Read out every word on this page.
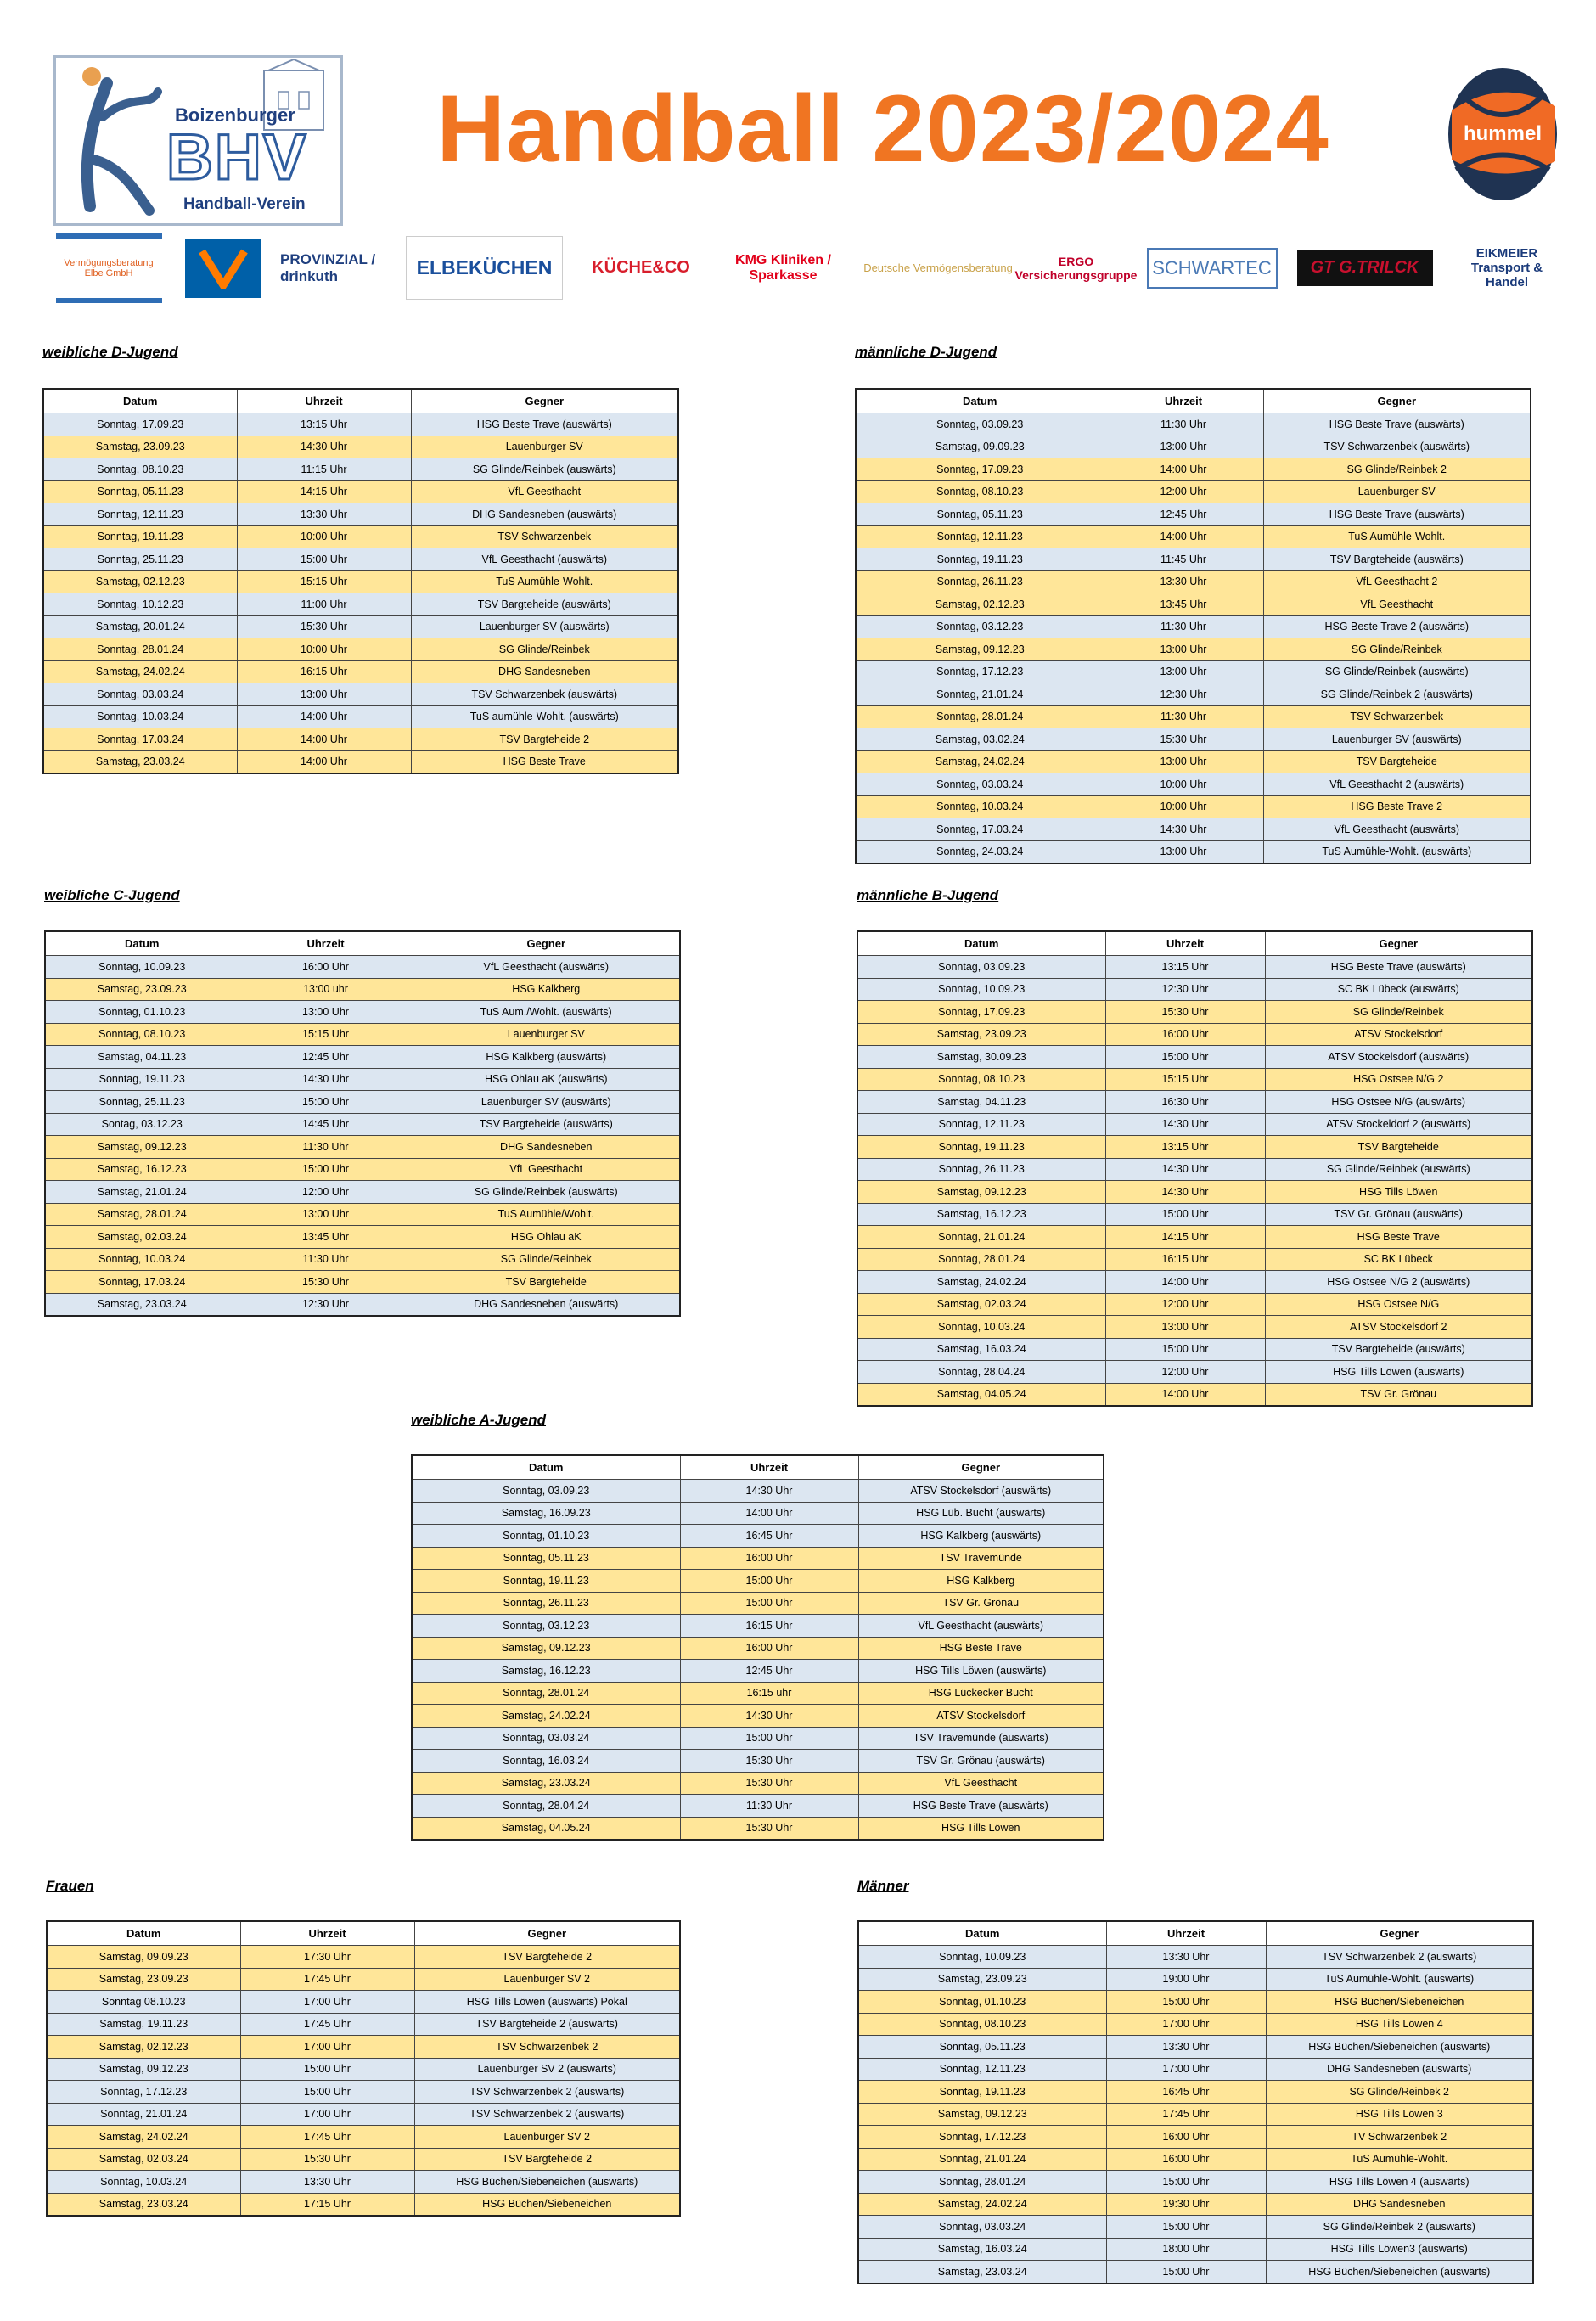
Boizenburger
BHV
Handball-Verein
Handball 2023/2024	hummel
Vermögungsberatung Elbe GmbH
PROVINZIAL / drinkuth	ELBEKÜCHEN KÜCHE&CO	KMG Kliniken / Sparkasse	Deutsche Vermögensberatung	ERGO Versicherungsgruppe SCHWARTEC	GT G.TRILCK
EIKMEIER Transport & Handel
weibliche D-Jugend
Datum	Uhrzeit	Gegner
Sonntag, 17.09.23	13:15 Uhr	HSG Beste Trave (auswärts)
Samstag, 23.09.23	14:30 Uhr	Lauenburger SV
Sonntag, 08.10.23	11:15 Uhr	SG Glinde/Reinbek (auswärts)
Sonntag, 05.11.23	14:15 Uhr	VfL Geesthacht
Sonntag, 12.11.23	13:30 Uhr	DHG Sandesneben (auswärts)
Sonntag, 19.11.23	10:00 Uhr	TSV Schwarzenbek
Sonntag, 25.11.23	15:00 Uhr	VfL Geesthacht (auswärts)
Samstag, 02.12.23	15:15 Uhr	TuS Aumühle-Wohlt.
Sonntag, 10.12.23	11:00 Uhr	TSV Bargteheide (auswärts)
Samstag, 20.01.24	15:30 Uhr	Lauenburger SV (auswärts)
Sonntag, 28.01.24	10:00 Uhr	SG Glinde/Reinbek
Samstag, 24.02.24	16:15 Uhr	DHG Sandesneben
Sonntag, 03.03.24	13:00 Uhr	TSV Schwarzenbek (auswärts)
Sonntag, 10.03.24	14:00 Uhr	TuS aumühle-Wohlt. (auswärts)
Sonntag, 17.03.24	14:00 Uhr	TSV Bargteheide 2
Samstag, 23.03.24	14:00 Uhr	HSG Beste Trave
männliche D-Jugend
Datum	Uhrzeit	Gegner
Sonntag, 03.09.23	11:30 Uhr	HSG Beste Trave (auswärts)
Samstag, 09.09.23	13:00 Uhr	TSV Schwarzenbek (auswärts)
Sonntag, 17.09.23	14:00 Uhr	SG Glinde/Reinbek 2
Sonntag, 08.10.23	12:00 Uhr	Lauenburger SV
Sonntag, 05.11.23	12:45 Uhr	HSG Beste Trave (auswärts)
Sonntag, 12.11.23	14:00 Uhr	TuS Aumühle-Wohlt.
Sonntag, 19.11.23	11:45 Uhr	TSV Bargteheide (auswärts)
Sonntag, 26.11.23	13:30 Uhr	VfL Geesthacht 2
Samstag, 02.12.23	13:45 Uhr	VfL Geesthacht
Sonntag, 03.12.23	11:30 Uhr	HSG Beste Trave 2 (auswärts)
Samstag, 09.12.23	13:00 Uhr	SG Glinde/Reinbek
Sonntag, 17.12.23	13:00 Uhr	SG Glinde/Reinbek (auswärts)
Sonntag, 21.01.24	12:30 Uhr	SG Glinde/Reinbek 2 (auswärts)
Sonntag, 28.01.24	11:30 Uhr	TSV Schwarzenbek
Samstag, 03.02.24	15:30 Uhr	Lauenburger SV (auswärts)
Samstag, 24.02.24	13:00 Uhr	TSV Bargteheide
Sonntag, 03.03.24	10:00 Uhr	VfL Geesthacht 2 (auswärts)
Sonntag, 10.03.24	10:00 Uhr	HSG Beste Trave 2
Sonntag, 17.03.24	14:30 Uhr	VfL Geesthacht (auswärts)
Sonntag, 24.03.24	13:00 Uhr	TuS Aumühle-Wohlt. (auswärts)
weibliche C-Jugend
Datum	Uhrzeit	Gegner
Sonntag, 10.09.23	16:00 Uhr	VfL Geesthacht (auswärts)
Samstag, 23.09.23	13:00 uhr	HSG Kalkberg
Sonntag, 01.10.23	13:00 Uhr	TuS Aum./Wohlt. (auswärts)
Sonntag, 08.10.23	15:15 Uhr	Lauenburger SV
Samstag, 04.11.23	12:45 Uhr	HSG Kalkberg (auswärts)
Sonntag, 19.11.23	14:30 Uhr	HSG Ohlau aK (auswärts)
Sonntag, 25.11.23	15:00 Uhr	Lauenburger SV (auswärts)
Sontag, 03.12.23	14:45 Uhr	TSV Bargteheide (auswärts)
Samstag, 09.12.23	11:30 Uhr	DHG Sandesneben
Samstag, 16.12.23	15:00 Uhr	VfL Geesthacht
Samstag, 21.01.24	12:00 Uhr	SG Glinde/Reinbek (auswärts)
Samstag, 28.01.24	13:00 Uhr	TuS Aumühle/Wohlt.
Samstag, 02.03.24	13:45 Uhr	HSG Ohlau aK
Sonntag, 10.03.24	11:30 Uhr	SG Glinde/Reinbek
Sonntag, 17.03.24	15:30 Uhr	TSV Bargteheide
Samstag, 23.03.24	12:30 Uhr	DHG Sandesneben (auswärts)
männliche B-Jugend
Datum	Uhrzeit	Gegner
Sonntag, 03.09.23	13:15 Uhr	HSG Beste Trave (auswärts)
Sonntag, 10.09.23	12:30 Uhr	SC BK Lübeck (auswärts)
Sonntag, 17.09.23	15:30 Uhr	SG Glinde/Reinbek
Samstag, 23.09.23	16:00 Uhr	ATSV Stockelsdorf
Samstag, 30.09.23	15:00 Uhr	ATSV Stockelsdorf (auswärts)
Sonntag, 08.10.23	15:15 Uhr	HSG Ostsee N/G 2
Samstag, 04.11.23	16:30 Uhr	HSG Ostsee N/G (auswärts)
Sonntag, 12.11.23	14:30 Uhr	ATSV Stockeldorf 2 (auswärts)
Sonntag, 19.11.23	13:15 Uhr	TSV Bargteheide
Sonntag, 26.11.23	14:30 Uhr	SG Glinde/Reinbek (auswärts)
Samstag, 09.12.23	14:30 Uhr	HSG Tills Löwen
Samstag, 16.12.23	15:00 Uhr	TSV Gr. Grönau (auswärts)
Sonntag, 21.01.24	14:15 Uhr	HSG Beste Trave
Sonntag, 28.01.24	16:15 Uhr	SC BK Lübeck
Samstag, 24.02.24	14:00 Uhr	HSG Ostsee N/G 2 (auswärts)
Samstag, 02.03.24	12:00 Uhr	HSG Ostsee N/G
Sonntag, 10.03.24	13:00 Uhr	ATSV Stockelsdorf 2
Samstag, 16.03.24	15:00 Uhr	TSV Bargteheide (auswärts)
Sonntag, 28.04.24	12:00 Uhr	HSG Tills Löwen (auswärts)
Samstag, 04.05.24	14:00 Uhr	TSV Gr. Grönau
weibliche A-Jugend
Datum	Uhrzeit	Gegner
Sonntag, 03.09.23	14:30 Uhr	ATSV Stockelsdorf (auswärts)
Samstag, 16.09.23	14:00 Uhr	HSG Lüb. Bucht (auswärts)
Sonntag, 01.10.23	16:45 Uhr	HSG Kalkberg (auswärts)
Sonntag, 05.11.23	16:00 Uhr	TSV Travemünde
Sonntag, 19.11.23	15:00 Uhr	HSG Kalkberg
Sonntag, 26.11.23	15:00 Uhr	TSV Gr. Grönau
Sonntag, 03.12.23	16:15 Uhr	VfL Geesthacht (auswärts)
Samstag, 09.12.23	16:00 Uhr	HSG Beste Trave
Samstag, 16.12.23	12:45 Uhr	HSG Tills Löwen (auswärts)
Sonntag, 28.01.24	16:15 uhr	HSG Lückecker Bucht
Samstag, 24.02.24	14:30 Uhr	ATSV Stockelsdorf
Sonntag, 03.03.24	15:00 Uhr	TSV Travemünde (auswärts)
Sonntag, 16.03.24	15:30 Uhr	TSV Gr. Grönau (auswärts)
Samstag, 23.03.24	15:30 Uhr	VfL Geesthacht
Sonntag, 28.04.24	11:30 Uhr	HSG Beste Trave (auswärts)
Samstag, 04.05.24	15:30 Uhr	HSG Tills Löwen
Frauen
Datum	Uhrzeit	Gegner
Samstag, 09.09.23	17:30 Uhr	TSV Bargteheide 2
Samstag, 23.09.23	17:45 Uhr	Lauenburger SV 2
Sonntag 08.10.23	17:00 Uhr	HSG Tills Löwen (auswärts) Pokal
Samstag, 19.11.23	17:45 Uhr	TSV Bargteheide 2 (auswärts)
Samstag, 02.12.23	17:00 Uhr	TSV Schwarzenbek 2
Samstag, 09.12.23	15:00 Uhr	Lauenburger SV 2 (auswärts)
Sonntag, 17.12.23	15:00 Uhr	TSV Schwarzenbek 2 (auswärts)
Sonntag, 21.01.24	17:00 Uhr	TSV Schwarzenbek 2 (auswärts)
Samstag, 24.02.24	17:45 Uhr	Lauenburger SV 2
Samstag, 02.03.24	15:30 Uhr	TSV Bargteheide 2
Sonntag, 10.03.24	13:30 Uhr	HSG Büchen/Siebeneichen (auswärts)
Samstag, 23.03.24	17:15 Uhr	HSG Büchen/Siebeneichen
Männer
Datum	Uhrzeit	Gegner
Sonntag, 10.09.23	13:30 Uhr	TSV Schwarzenbek 2 (auswärts)
Samstag, 23.09.23	19:00 Uhr	TuS Aumühle-Wohlt. (auswärts)
Sonntag, 01.10.23	15:00 Uhr	HSG Büchen/Siebeneichen
Sonntag, 08.10.23	17:00 Uhr	HSG Tills Löwen 4
Sonntag, 05.11.23	13:30 Uhr	HSG Büchen/Siebeneichen (auswärts)
Sonntag, 12.11.23	17:00 Uhr	DHG Sandesneben (auswärts)
Sonntag, 19.11.23	16:45 Uhr	SG Glinde/Reinbek 2
Samstag, 09.12.23	17:45 Uhr	HSG Tills Löwen 3
Sonntag, 17.12.23	16:00 Uhr	TV Schwarzenbek 2
Sonntag, 21.01.24	16:00 Uhr	TuS Aumühle-Wohlt.
Sonntag, 28.01.24	15:00 Uhr	HSG Tills Löwen 4 (auswärts)
Samstag, 24.02.24	19:30 Uhr	DHG Sandesneben
Sonntag, 03.03.24	15:00 Uhr	SG Glinde/Reinbek 2 (auswärts)
Samstag, 16.03.24	18:00 Uhr	HSG Tills Löwen3 (auswärts)
Samstag, 23.03.24	15:00 Uhr	HSG Büchen/Siebeneichen (auswärts)
